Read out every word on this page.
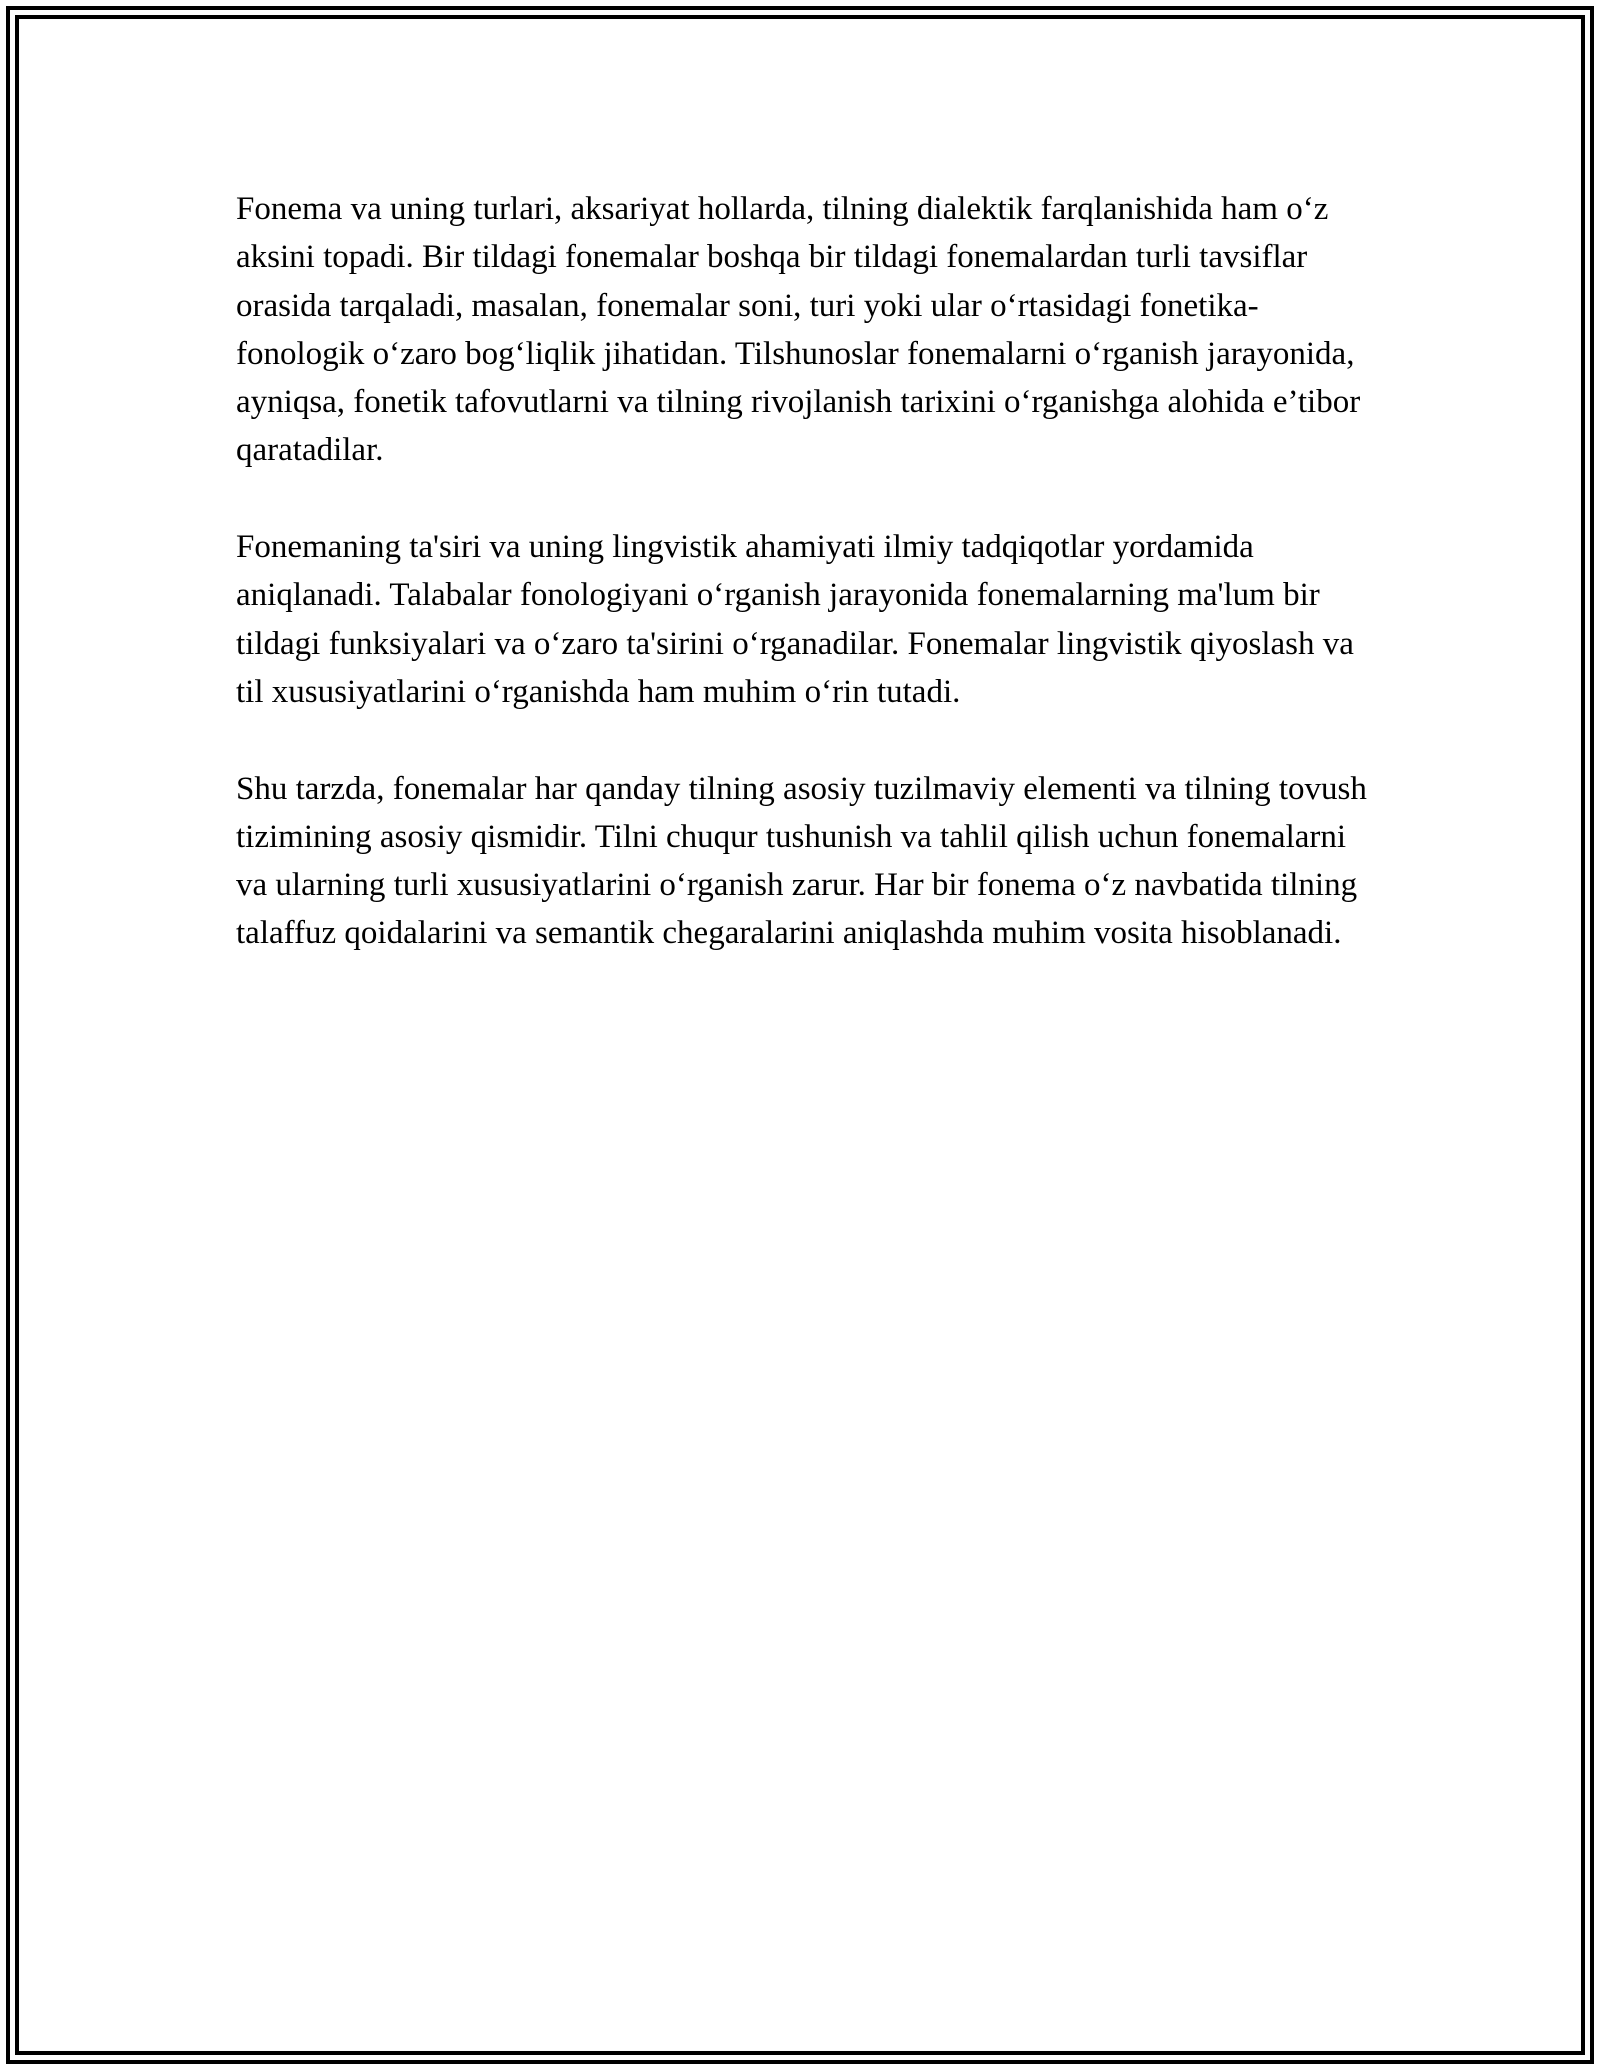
Fonema va uning turlari, aksariyat hollarda, tilning dialektik farqlanishida ham o‘z aksini topadi. Bir tildagi fonemalar boshqa bir tildagi fonemalardan turli tavsiflar orasida tarqaladi, masalan, fonemalar soni, turi yoki ular o‘rtasidagi fonetika-fonologik o‘zaro bog‘liqlik jihatidan. Tilshunoslar fonemalarni o‘rganish jarayonida, ayniqsa, fonetik tafovutlarni va tilning rivojlanish tarixini o‘rganishga alohida e’tibor qaratadilar.

Fonemaning ta'siri va uning lingvistik ahamiyati ilmiy tadqiqotlar yordamida aniqlanadi. Talabalar fonologiyani o‘rganish jarayonida fonemalarning ma'lum bir tildagi funksiyalari va o‘zaro ta'sirini o‘rganadilar. Fonemalar lingvistik qiyoslash va til xususiyatlarini o‘rganishda ham muhim o‘rin tutadi.

Shu tarzda, fonemalar har qanday tilning asosiy tuzilmaviy elementi va tilning tovush tizimining asosiy qismidir. Tilni chuqur tushunish va tahlil qilish uchun fonemalarni va ularning turli xususiyatlarini o‘rganish zarur. Har bir fonema o‘z navbatida tilning talaffuz qoidalarini va semantik chegaralarini aniqlashda muhim vosita hisoblanadi.
